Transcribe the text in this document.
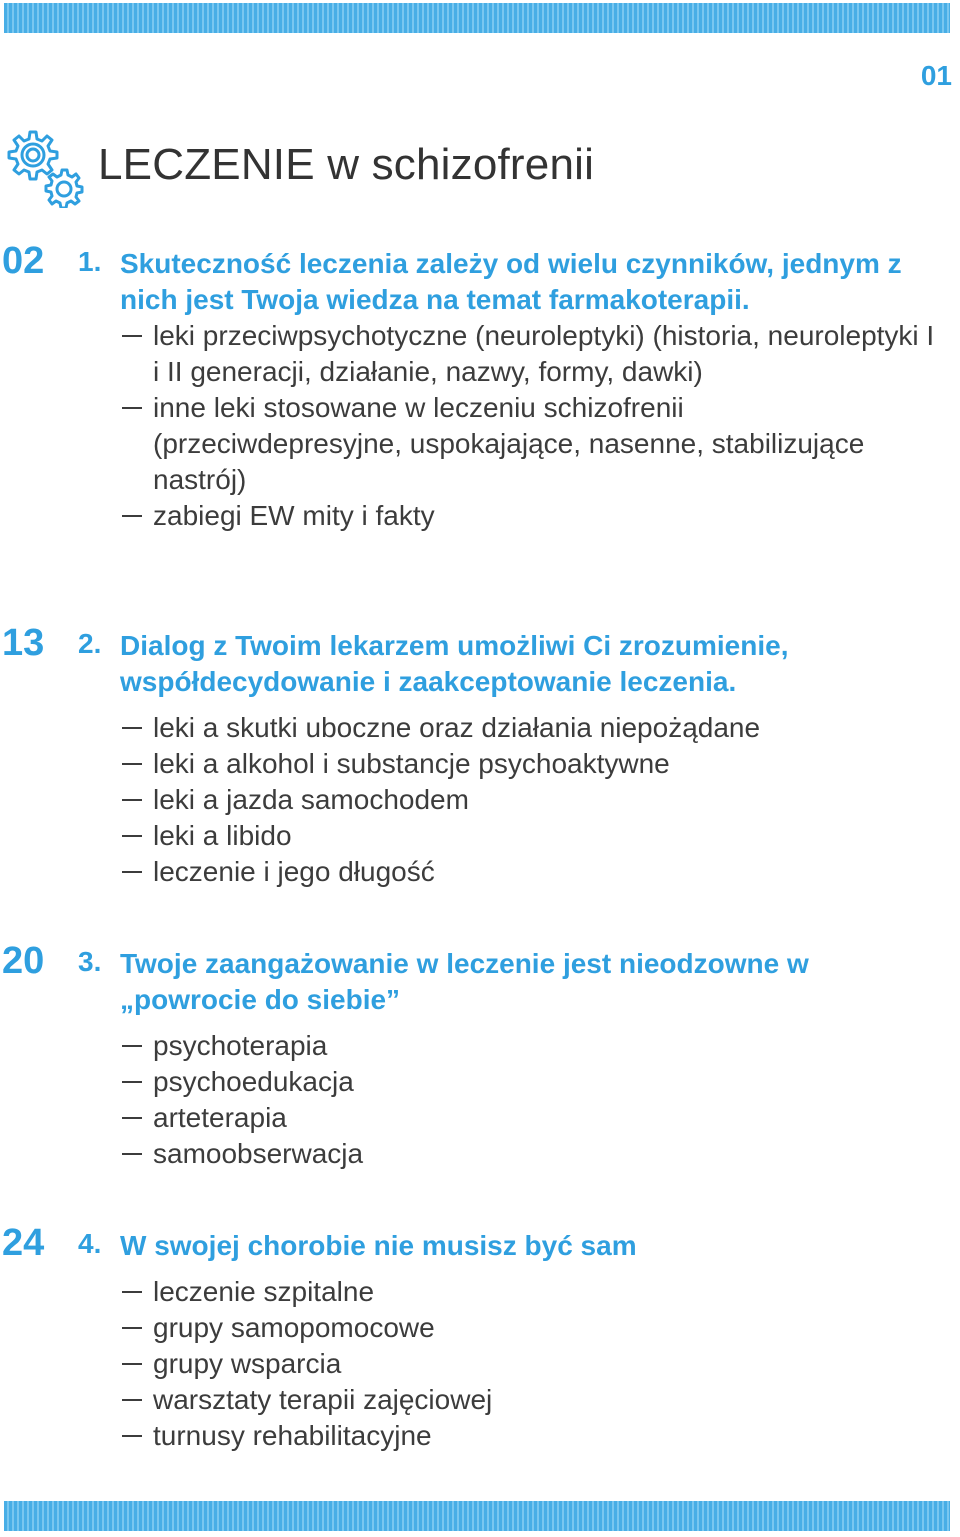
01
LECZENIE w schizofrenii
02 1. Skuteczność leczenia zależy od wielu czynników, jednym z nich jest Twoja wiedza na temat farmakoterapii.
leki przeciwpsychotyczne (neuroleptyki) (historia, neuroleptyki I i II generacji, działanie, nazwy, formy, dawki)
inne leki stosowane w leczeniu schizofrenii (przeciwdepresyjne, uspokajające, nasenne, stabilizujące nastrój)
zabiegi EW mity i fakty
13 2. Dialog z Twoim lekarzem umożliwi Ci zrozumienie, współdecydowanie i zaakceptowanie leczenia.
leki a skutki uboczne oraz działania niepożądane
leki a alkohol i substancje psychoaktywne
leki a jazda samochodem
leki a libido
leczenie i jego długość
20 3. Twoje zaangażowanie w leczenie jest nieodzowne w „powrocie do siebie”
psychoterapia
psychoedukacja
arteterapia
samoobserwacja
24 4. W swojej chorobie nie musisz być sam
leczenie szpitalne
grupy samopomocowe
grupy wsparcia
warsztaty terapii zajęciowej
turnusy rehabilitacyjne
